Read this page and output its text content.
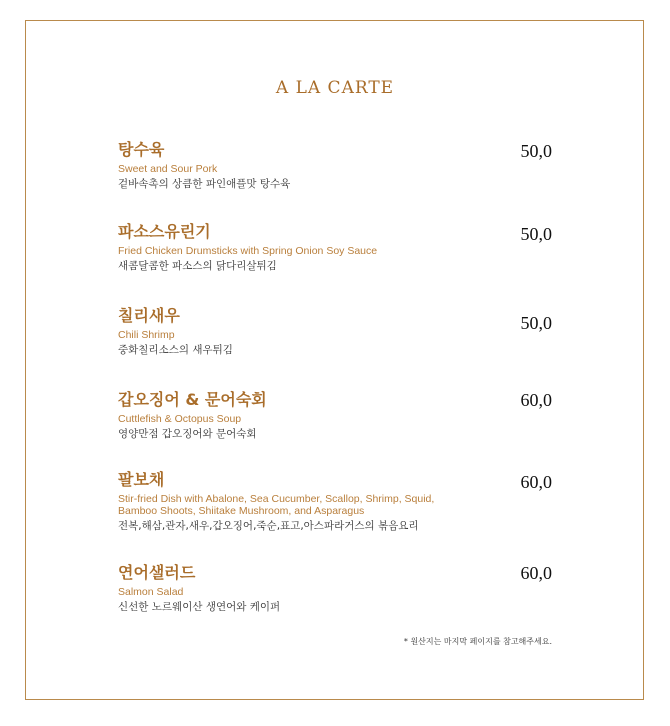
A LA CARTE
탕수육
Sweet and Sour Pork
겉바속촉의 상큼한 파인애플맛 탕수육
50,0
파소스유린기
Fried Chicken Drumsticks with Spring Onion Soy Sauce
새콤달콤한 파소스의 닭다리살튀김
50,0
칠리새우
Chili Shrimp
중화칠리소스의 새우튀김
50,0
갑오징어 & 문어숙회
Cuttlefish & Octopus Soup
영양만점 갑오징어와 문어숙회
60,0
팔보채
Stir-fried Dish with Abalone, Sea Cucumber, Scallop, Shrimp, Squid,
Bamboo Shoots, Shiitake Mushroom, and Asparagus
전복,해삼,관자,새우,갑오징어,죽순,표고,아스파라거스의 볶음요리
60,0
연어샐러드
Salmon Salad
신선한 노르웨이산 생연어와 케이퍼
60,0
* 원산지는 마지막 페이지를 참고해주세요.
